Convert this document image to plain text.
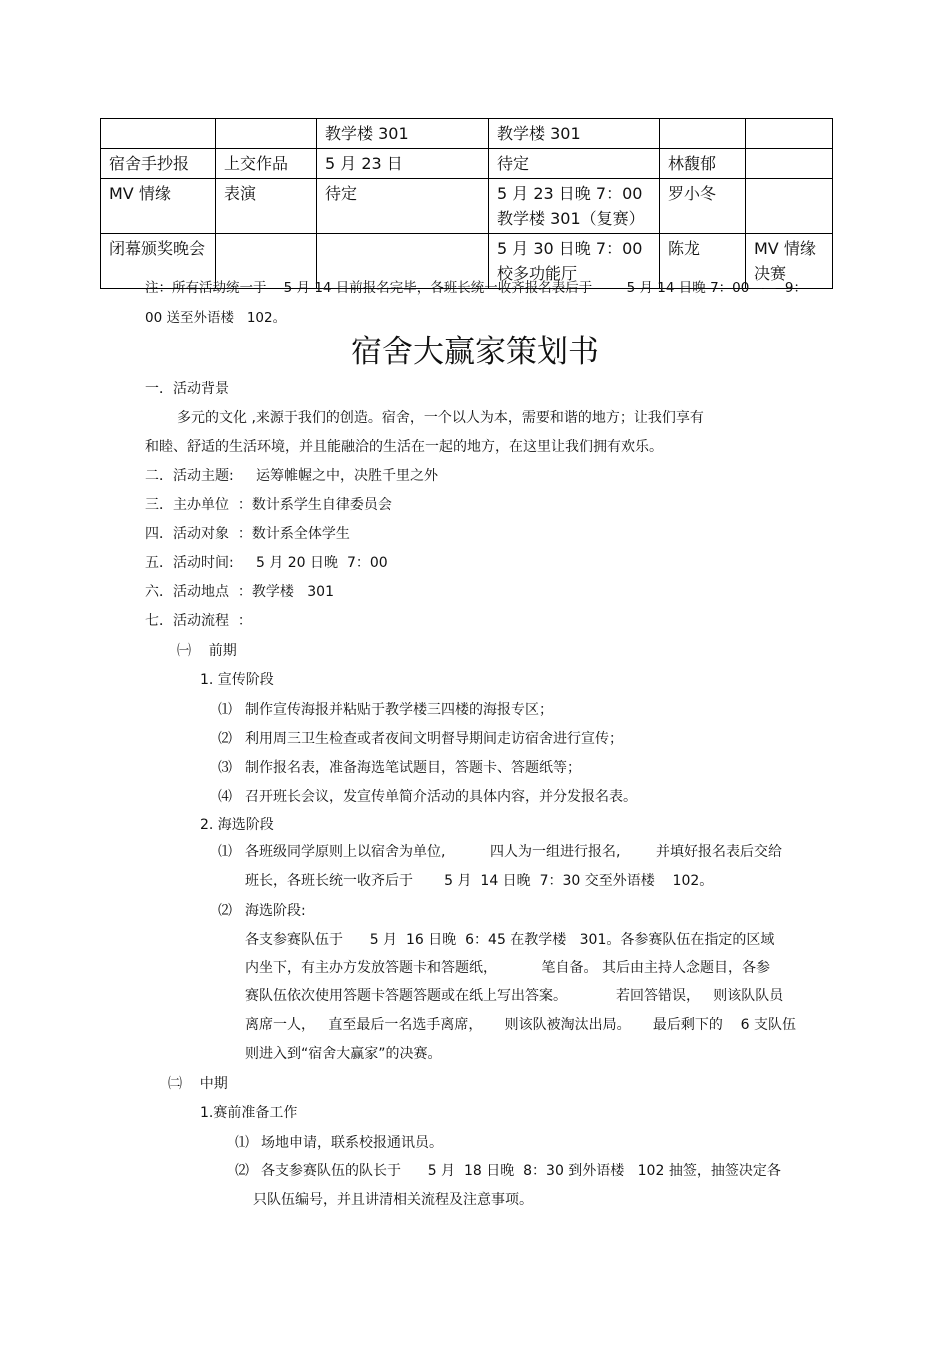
		教学楼 301	教学楼 301		
宿舍手抄报	上交作品	5 月 23 日	待定	林馥郁	
MV 情缘	表演	待定	5 月 23 日晚 7：00 教学楼 301（复赛）	罗小冬	
闭幕颁奖晚会			5 月 30 日晚 7：00 校多功能厅	陈龙	MV 情缘决赛
注：所有活动统一于    5 月 14 日前报名完毕，各班长统一收齐报名表后于        5 月 14 日晚 7：00——  9：00 送至外语楼   102。
宿舍大赢家策划书
一．活动背景
多元的文化 ,来源于我们的创造。宿舍，一个以人为本，需要和谐的地方；让我们享有
和睦、舒适的生活环境，并且能融洽的生活在一起的地方，在这里让我们拥有欢乐。
二．活动主题:     运筹帷幄之中，决胜千里之外
三．主办单位  ：数计系学生自律委员会
四．活动对象  ：数计系全体学生
五．活动时间:     5 月 20 日晚  7：00
六．活动地点  ：教学楼   301
七．活动流程  ：
㈠    前期
1. 宣传阶段
⑴ 制作宣传海报并粘贴于教学楼三四楼的海报专区；
⑵ 利用周三卫生检查或者夜间文明督导期间走访宿舍进行宣传；
⑶ 制作报名表，准备海选笔试题目，答题卡、答题纸等；
⑷ 召开班长会议，发宣传单简介活动的具体内容，并分发报名表。
2. 海选阶段
⑴ 各班级同学原则上以宿舍为单位,          四人为一组进行报名,        并填好报名表后交给
班长，各班长统一收齐后于       5 月  14 日晚  7：30 交至外语楼    102。
⑵ 海选阶段:
各支参赛队伍于      5 月  16 日晚  6：45 在教学楼   301。各参赛队伍在指定的区域
内坐下，有主办方发放答题卡和答题纸，          笔自备。 其后由主持人念题目，各参
赛队伍依次使用答题卡答题答题或在纸上写出答案。           若回答错误，   则该队队员
离席一人，   直至最后一名选手离席，     则该队被淘汰出局。     最后剩下的    6 支队伍
则进入到“宿舍大赢家”的决赛。
㈡    中期
1.赛前准备工作
⑴ 场地申请，联系校报通讯员。
⑵ 各支参赛队伍的队长于      5 月  18 日晚  8：30 到外语楼   102 抽签，抽签决定各
只队伍编号，并且讲清相关流程及注意事项。
